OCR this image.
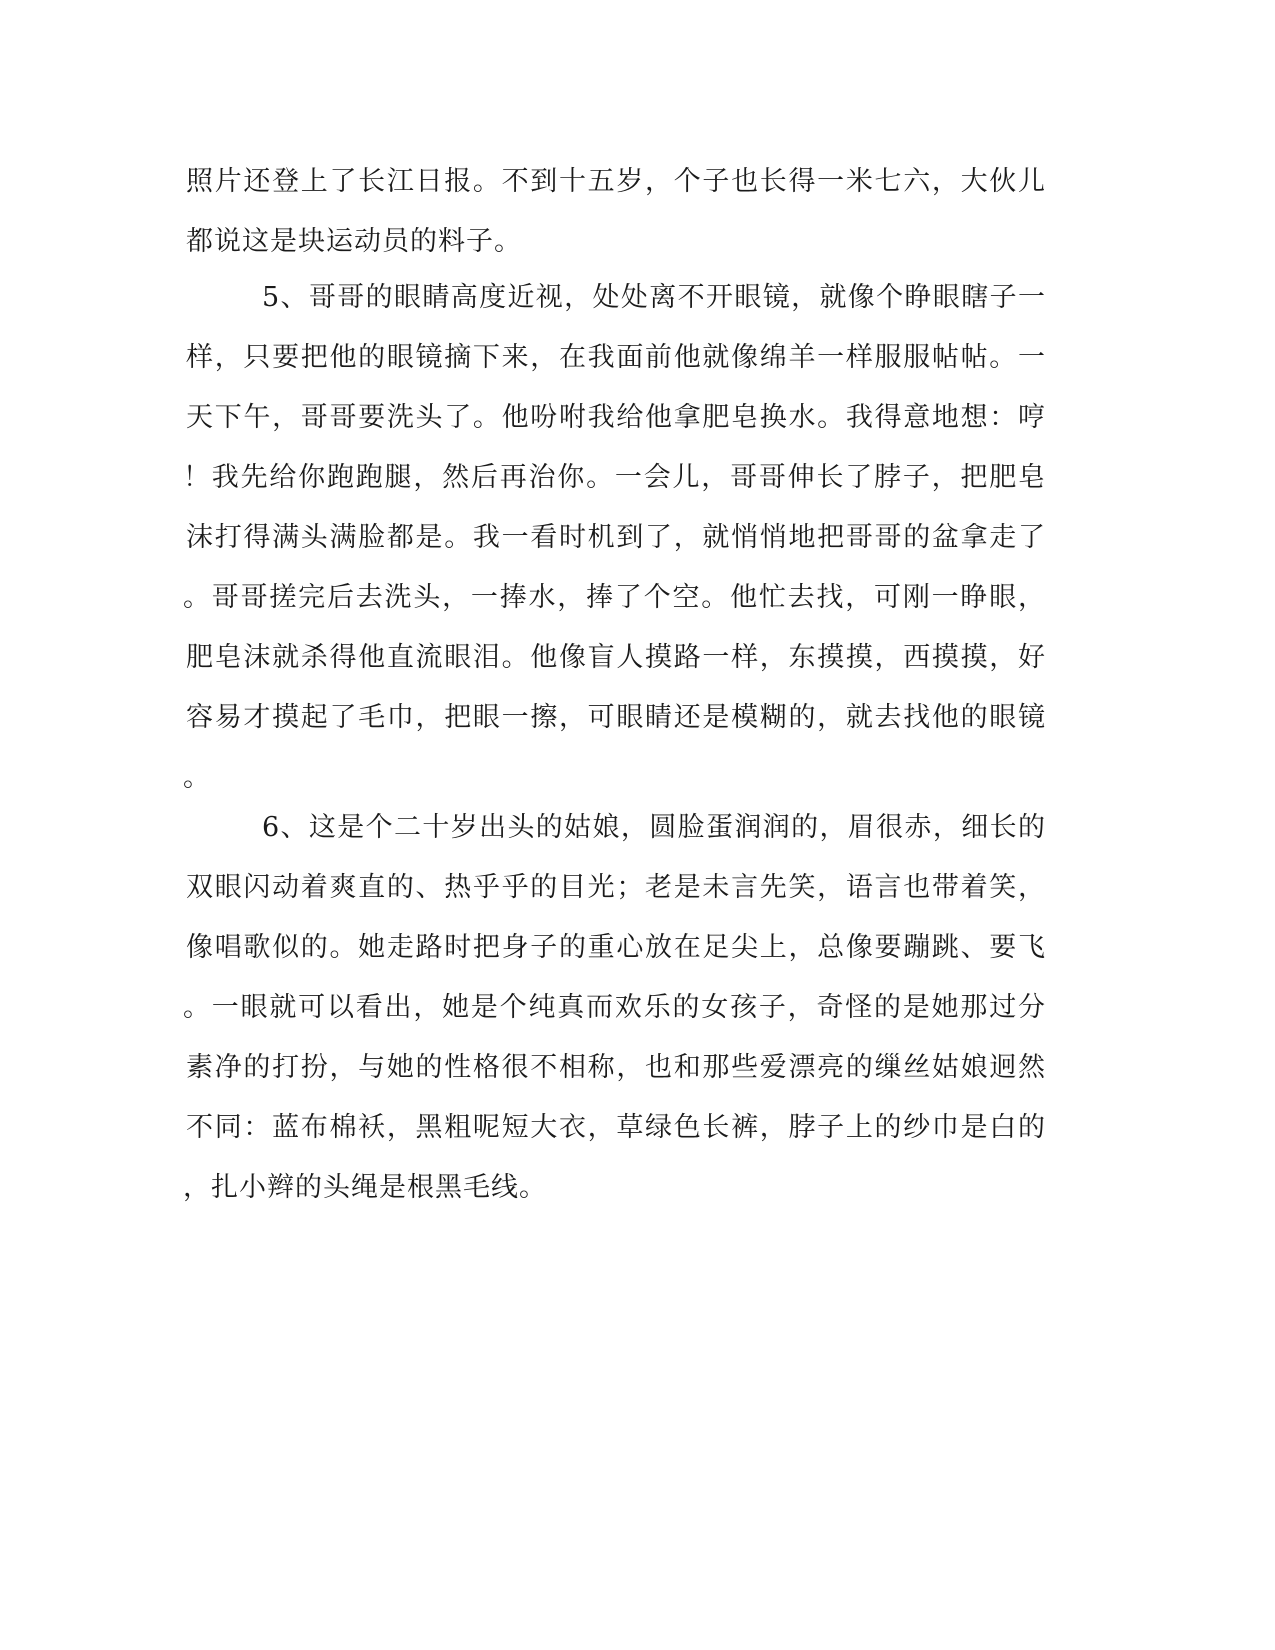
照片还登上了长江日报。不到十五岁，个子也长得一米七六，大伙儿
都说这是块运动员的料子。
5、哥哥的眼睛高度近视，处处离不开眼镜，就像个睁眼瞎子一
样，只要把他的眼镜摘下来，在我面前他就像绵羊一样服服帖帖。一
天下午，哥哥要洗头了。他吩咐我给他拿肥皂换水。我得意地想：哼
！我先给你跑跑腿，然后再治你。一会儿，哥哥伸长了脖子，把肥皂
沫打得满头满脸都是。我一看时机到了，就悄悄地把哥哥的盆拿走了
。哥哥搓完后去洗头，一捧水，捧了个空。他忙去找，可刚一睁眼，
肥皂沫就杀得他直流眼泪。他像盲人摸路一样，东摸摸，西摸摸，好
容易才摸起了毛巾，把眼一擦，可眼睛还是模糊的，就去找他的眼镜
。
6、这是个二十岁出头的姑娘，圆脸蛋润润的，眉很赤，细长的
双眼闪动着爽直的、热乎乎的目光；老是未言先笑，语言也带着笑，
像唱歌似的。她走路时把身子的重心放在足尖上，总像要蹦跳、要飞
。一眼就可以看出，她是个纯真而欢乐的女孩子，奇怪的是她那过分
素净的打扮，与她的性格很不相称，也和那些爱漂亮的缫丝姑娘迥然
不同：蓝布棉袄，黑粗呢短大衣，草绿色长裤，脖子上的纱巾是白的
，扎小辫的头绳是根黑毛线。
